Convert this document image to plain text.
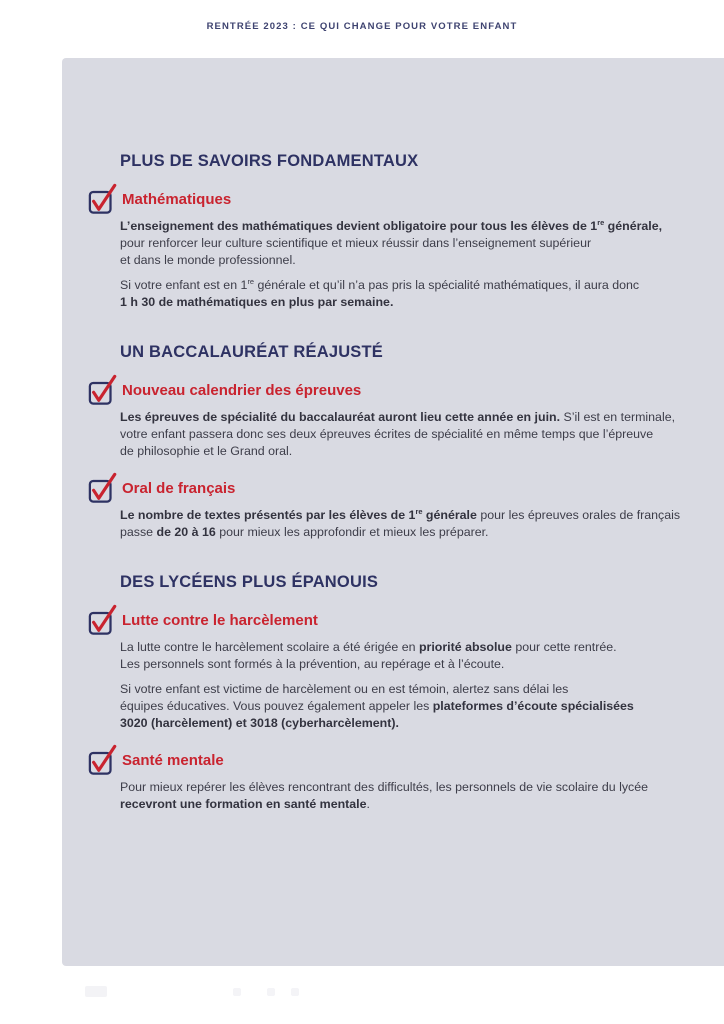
RENTRÉE 2023 : CE QUI CHANGE POUR VOTRE ENFANT
PLUS DE SAVOIRS FONDAMENTAUX
Mathématiques

L’enseignement des mathématiques devient obligatoire pour tous les élèves de 1re générale,
pour renforcer leur culture scientifique et mieux réussir dans l’enseignement supérieur
et dans le monde professionnel.

Si votre enfant est en 1re générale et qu’il n’a pas pris la spécialité mathématiques, il aura donc
1 h 30 de mathématiques en plus par semaine.

UN BACCALAURÉAT RÉAJUSTÉ
Nouveau calendrier des épreuves

Les épreuves de spécialité du baccalauréat auront lieu cette année en juin. S’il est en terminale,
votre enfant passera donc ses deux épreuves écrites de spécialité en même temps que l’épreuve
de philosophie et le Grand oral.

Oral de français

Le nombre de textes présentés par les élèves de 1re générale pour les épreuves orales de français
passe de 20 à 16 pour mieux les approfondir et mieux les préparer.

DES LYCÉENS PLUS ÉPANOUIS
Lutte contre le harcèlement

La lutte contre le harcèlement scolaire a été érigée en priorité absolue pour cette rentrée.
Les personnels sont formés à la prévention, au repérage et à l’écoute.

Si votre enfant est victime de harcèlement ou en est témoin, alertez sans délai les
équipes éducatives. Vous pouvez également appeler les plateformes d’écoute spécialisées
3020 (harcèlement) et 3018 (cyberharcèlement).

Santé mentale

Pour mieux repérer les élèves rencontrant des difficultés, les personnels de vie scolaire du lycée
recevront une formation en santé mentale.
